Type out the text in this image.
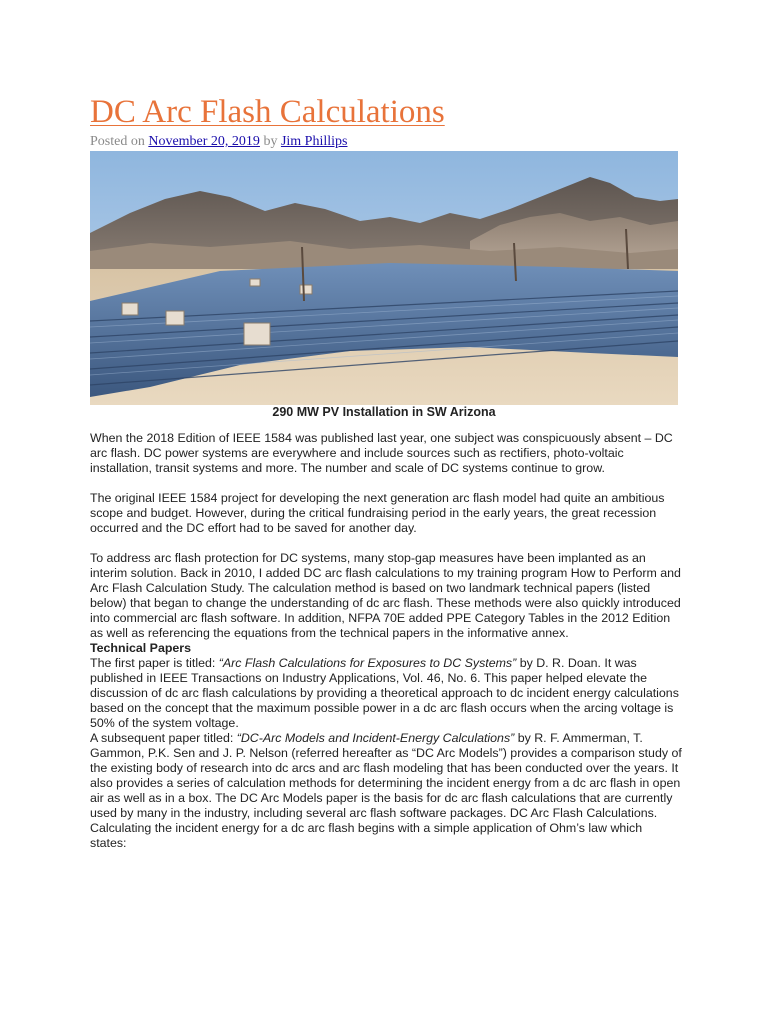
DC Arc Flash Calculations
Posted on November 20, 2019 by Jim Phillips
290 MW PV Installation in SW Arizona

When the 2018 Edition of IEEE 1584 was published last year, one subject was conspicuously absent – DC arc flash. DC power systems are everywhere and include sources such as rectifiers, photo-voltaic installation, transit systems and more. The number and scale of DC systems continue to grow.

The original IEEE 1584 project for developing the next generation arc flash model had quite an ambitious scope and budget. However, during the critical fundraising period in the early years, the great recession occurred and the DC effort had to be saved for another day.

To address arc flash protection for DC systems, many stop-gap measures have been implanted as an interim solution. Back in 2010, I added DC arc flash calculations to my training program How to Perform and Arc Flash Calculation Study. The calculation method is based on two landmark technical papers (listed below) that began to change the understanding of dc arc flash. These methods were also quickly introduced into commercial arc flash software. In addition, NFPA 70E added PPE Category Tables in the 2012 Edition as well as referencing the equations from the technical papers in the informative annex.

Technical Papers

The first paper is titled: “Arc Flash Calculations for Exposures to DC Systems” by D. R. Doan. It was published in IEEE Transactions on Industry Applications, Vol. 46, No. 6. This paper helped elevate the discussion of dc arc flash calculations by providing a theoretical approach to dc incident energy calculations based on the concept that the maximum possible power in a dc arc flash occurs when the arcing voltage is 50% of the system voltage.

A subsequent paper titled: “DC-Arc Models and Incident-Energy Calculations” by R. F. Ammerman, T. Gammon, P.K. Sen and J. P. Nelson (referred hereafter as “DC Arc Models”) provides a comparison study of the existing body of research into dc arcs and arc flash modeling that has been conducted over the years. It also provides a series of calculation methods for determining the incident energy from a dc arc flash in open air as well as in a box. The DC Arc Models paper is the basis for dc arc flash calculations that are currently used by many in the industry, including several arc flash software packages. DC Arc Flash Calculations.

Calculating the incident energy for a dc arc flash begins with a simple application of Ohm’s law which states:
